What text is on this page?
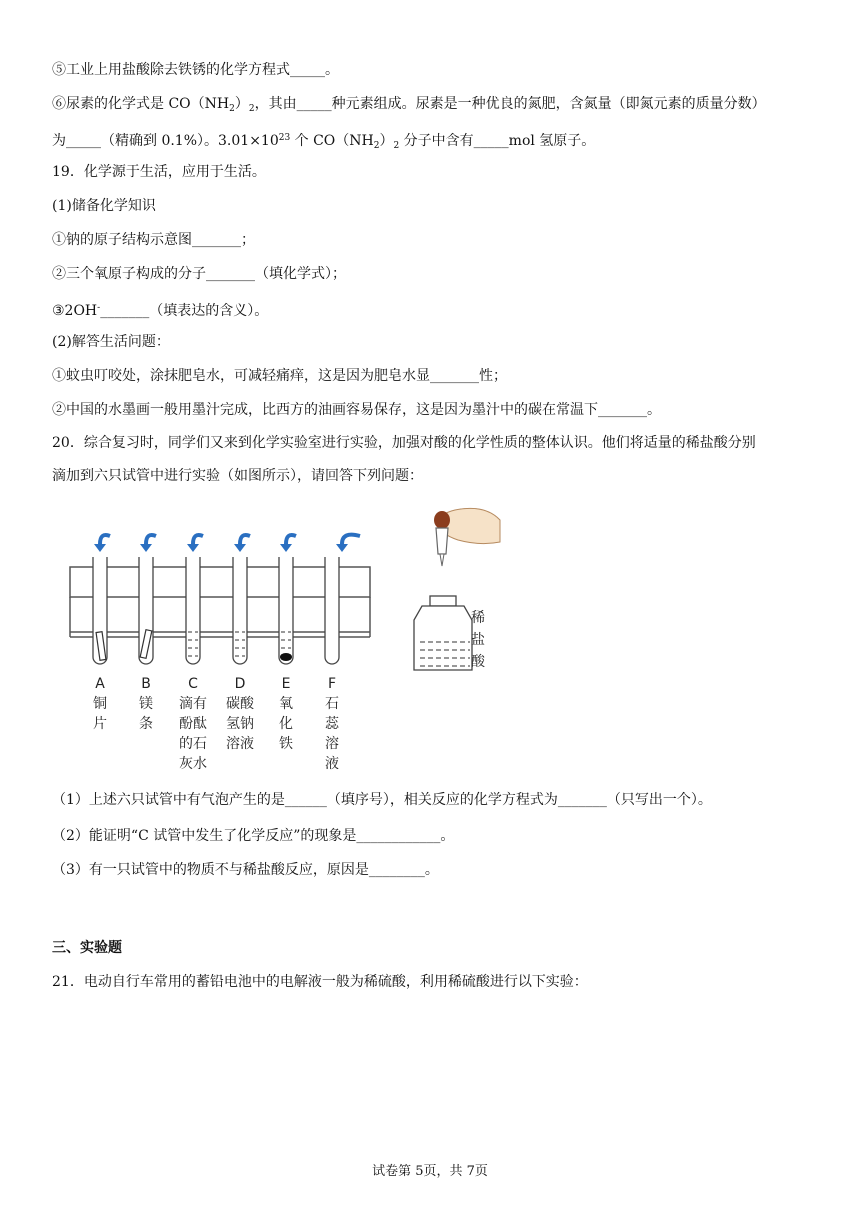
⑤工业上用盐酸除去铁锈的化学方程式_____。
⑥尿素的化学式是 $CO(NH_2)_2$，其由_____种元素组成。尿素是一种优良的氮肥，含氮量（即氮元素的质量分数）
为_____（精确到 0.1%）。$3.01\times 10^{23}$ 个 $CO(NH_2)_2$ 分子中含有_____mol 氢原子。
19．化学源于生活，应用于生活。
(1)储备化学知识
①钠的原子结构示意图_______；
②三个氧原子构成的分子_______（填化学式）；
③2OH-_______（填表达的含义）。
(2)解答生活问题：
①蚊虫叮咬处，涂抹肥皂水，可减轻痛痒，这是因为肥皂水显_______性；
②中国的水墨画一般用墨汁完成，比西方的油画容易保存，这是因为墨汁中的碳在常温下_______。
20．综合复习时，同学们又来到化学实验室进行实验，加强对酸的化学性质的整体认识。他们将适量的稀盐酸分别
滴加到六只试管中进行实验（如图所示），请回答下列问题：
A
铜
片
B
镁
条
C
滴有
酚酞
的石
灰水
D
碳酸
氢钠
溶液
E
氧
化
铁
F
石
蕊
溶
液
稀
盐
酸
（1）上述六只试管中有气泡产生的是______（填序号），相关反应的化学方程式为_______（只写出一个）。
（2）能证明“C 试管中发生了化学反应”的现象是____________。
（3）有一只试管中的物质不与稀盐酸反应，原因是________。
三、实验题
21．电动自行车常用的蓄铅电池中的电解液一般为稀硫酸，利用稀硫酸进行以下实验：
试卷第 5页，共 7页
